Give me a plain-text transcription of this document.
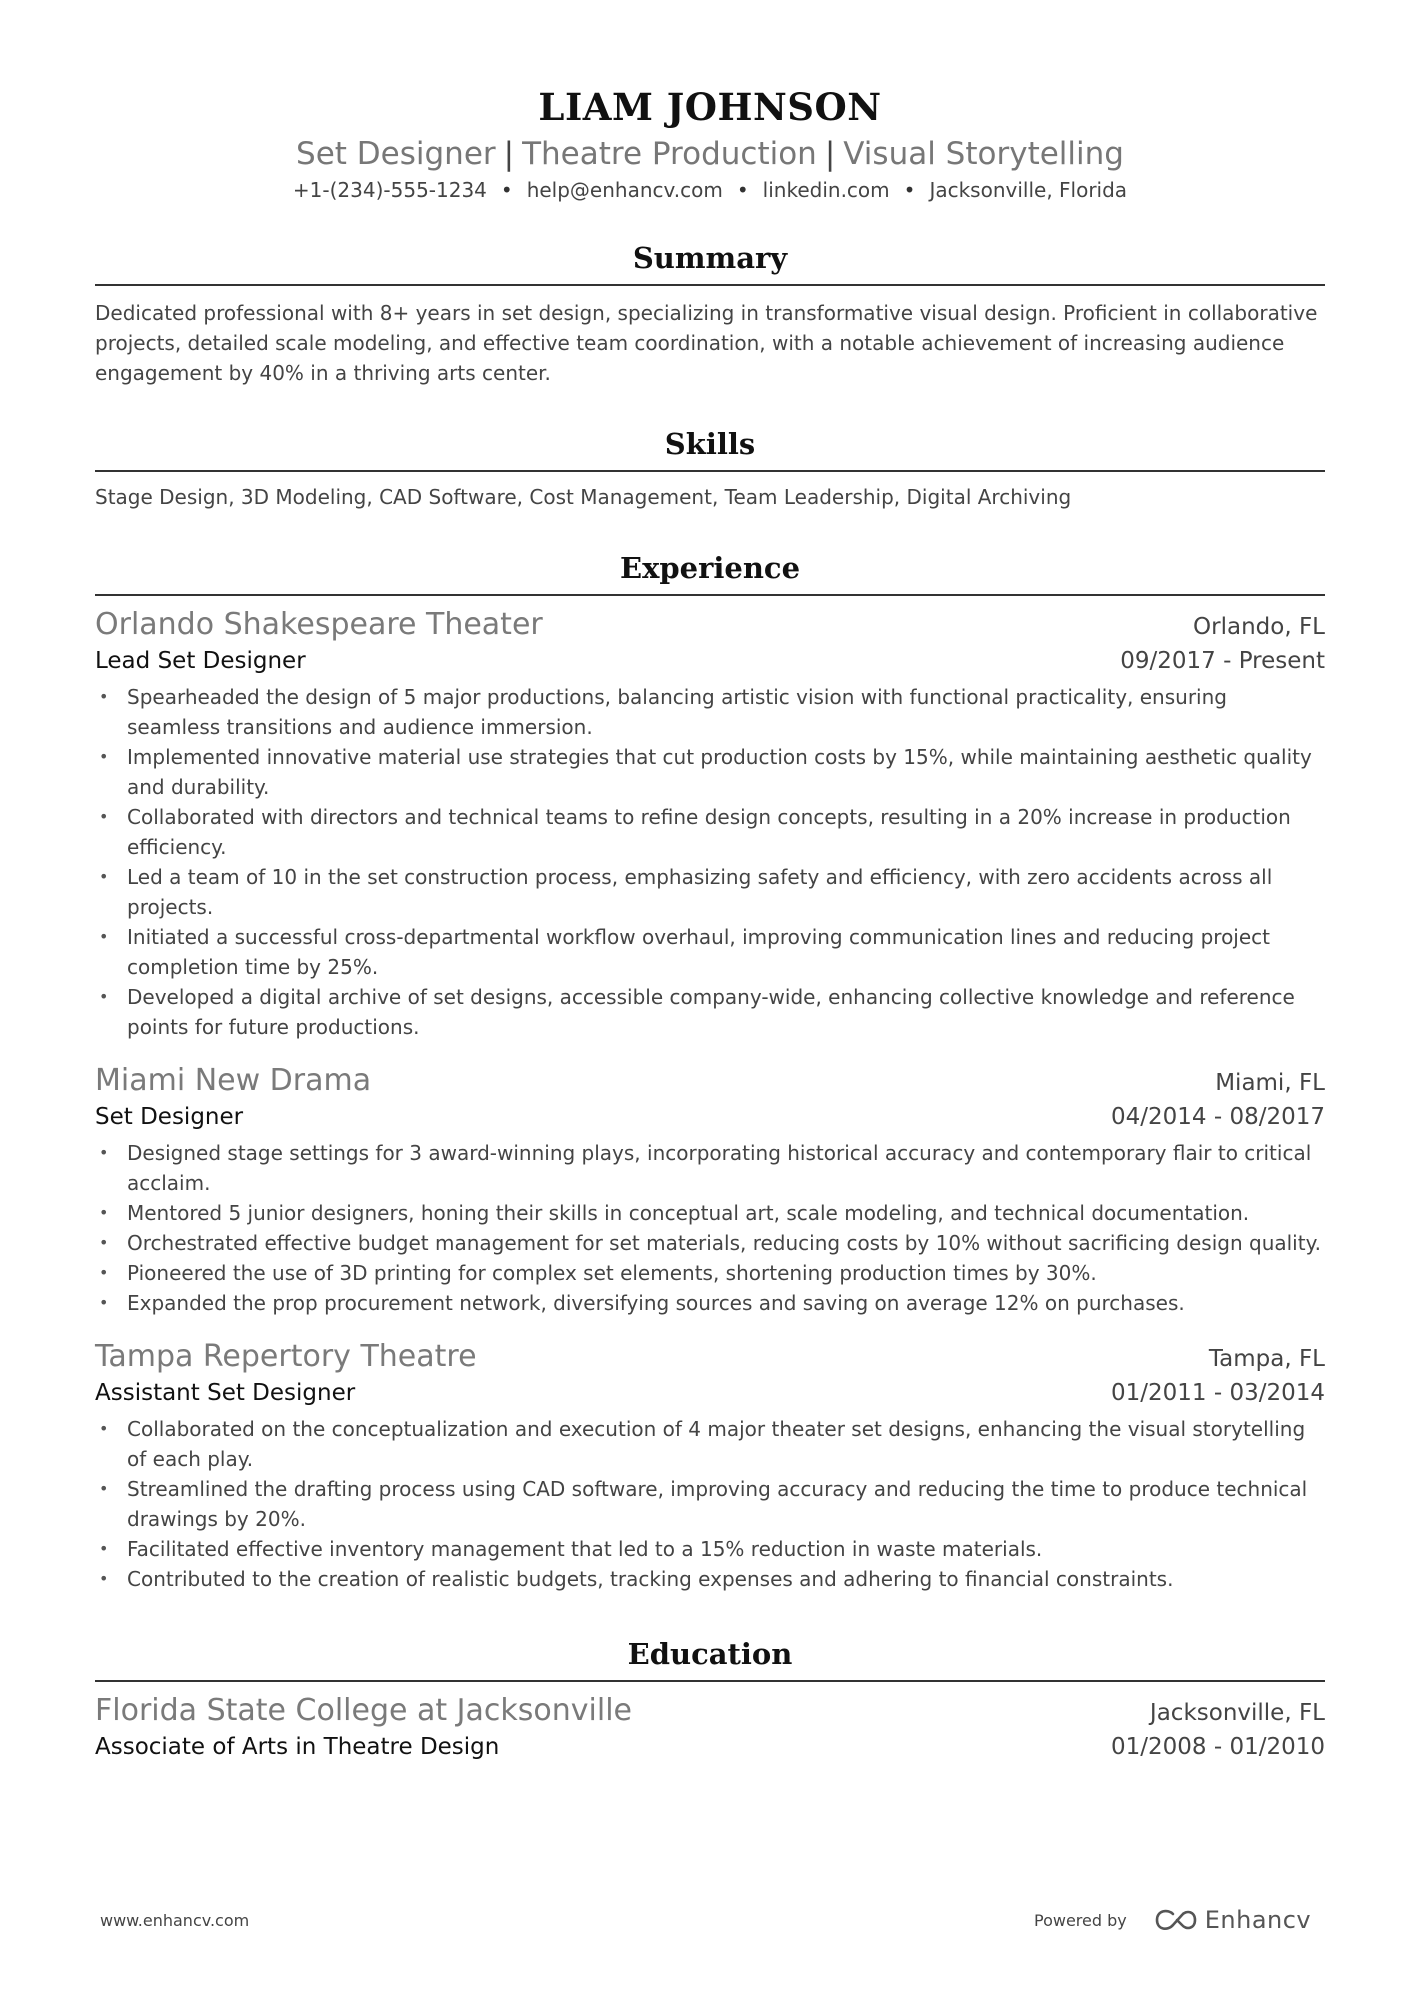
LIAM JOHNSON
Set Designer | Theatre Production | Visual Storytelling
+1-(234)-555-1234 • help@enhancv.com • linkedin.com • Jacksonville, Florida
Summary
Dedicated professional with 8+ years in set design, specializing in transformative visual design. Proficient in collaborative projects, detailed scale modeling, and effective team coordination, with a notable achievement of increasing audience engagement by 40% in a thriving arts center.
Skills
Stage Design, 3D Modeling, CAD Software, Cost Management, Team Leadership, Digital Archiving
Experience
Orlando Shakespeare Theater	Orlando, FL
Lead Set Designer	09/2017 - Present
• Spearheaded the design of 5 major productions, balancing artistic vision with functional practicality, ensuring seamless transitions and audience immersion.
• Implemented innovative material use strategies that cut production costs by 15%, while maintaining aesthetic quality and durability.
• Collaborated with directors and technical teams to refine design concepts, resulting in a 20% increase in production efficiency.
• Led a team of 10 in the set construction process, emphasizing safety and efficiency, with zero accidents across all projects.
• Initiated a successful cross-departmental workflow overhaul, improving communication lines and reducing project completion time by 25%.
• Developed a digital archive of set designs, accessible company-wide, enhancing collective knowledge and reference points for future productions.
Miami New Drama	Miami, FL
Set Designer	04/2014 - 08/2017
• Designed stage settings for 3 award-winning plays, incorporating historical accuracy and contemporary flair to critical acclaim.
• Mentored 5 junior designers, honing their skills in conceptual art, scale modeling, and technical documentation.
• Orchestrated effective budget management for set materials, reducing costs by 10% without sacrificing design quality.
• Pioneered the use of 3D printing for complex set elements, shortening production times by 30%.
• Expanded the prop procurement network, diversifying sources and saving on average 12% on purchases.
Tampa Repertory Theatre	Tampa, FL
Assistant Set Designer	01/2011 - 03/2014
• Collaborated on the conceptualization and execution of 4 major theater set designs, enhancing the visual storytelling of each play.
• Streamlined the drafting process using CAD software, improving accuracy and reducing the time to produce technical drawings by 20%.
• Facilitated effective inventory management that led to a 15% reduction in waste materials.
• Contributed to the creation of realistic budgets, tracking expenses and adhering to financial constraints.
Education
Florida State College at Jacksonville	Jacksonville, FL
Associate of Arts in Theatre Design	01/2008 - 01/2010
www.enhancv.com	Powered by	Enhancv
